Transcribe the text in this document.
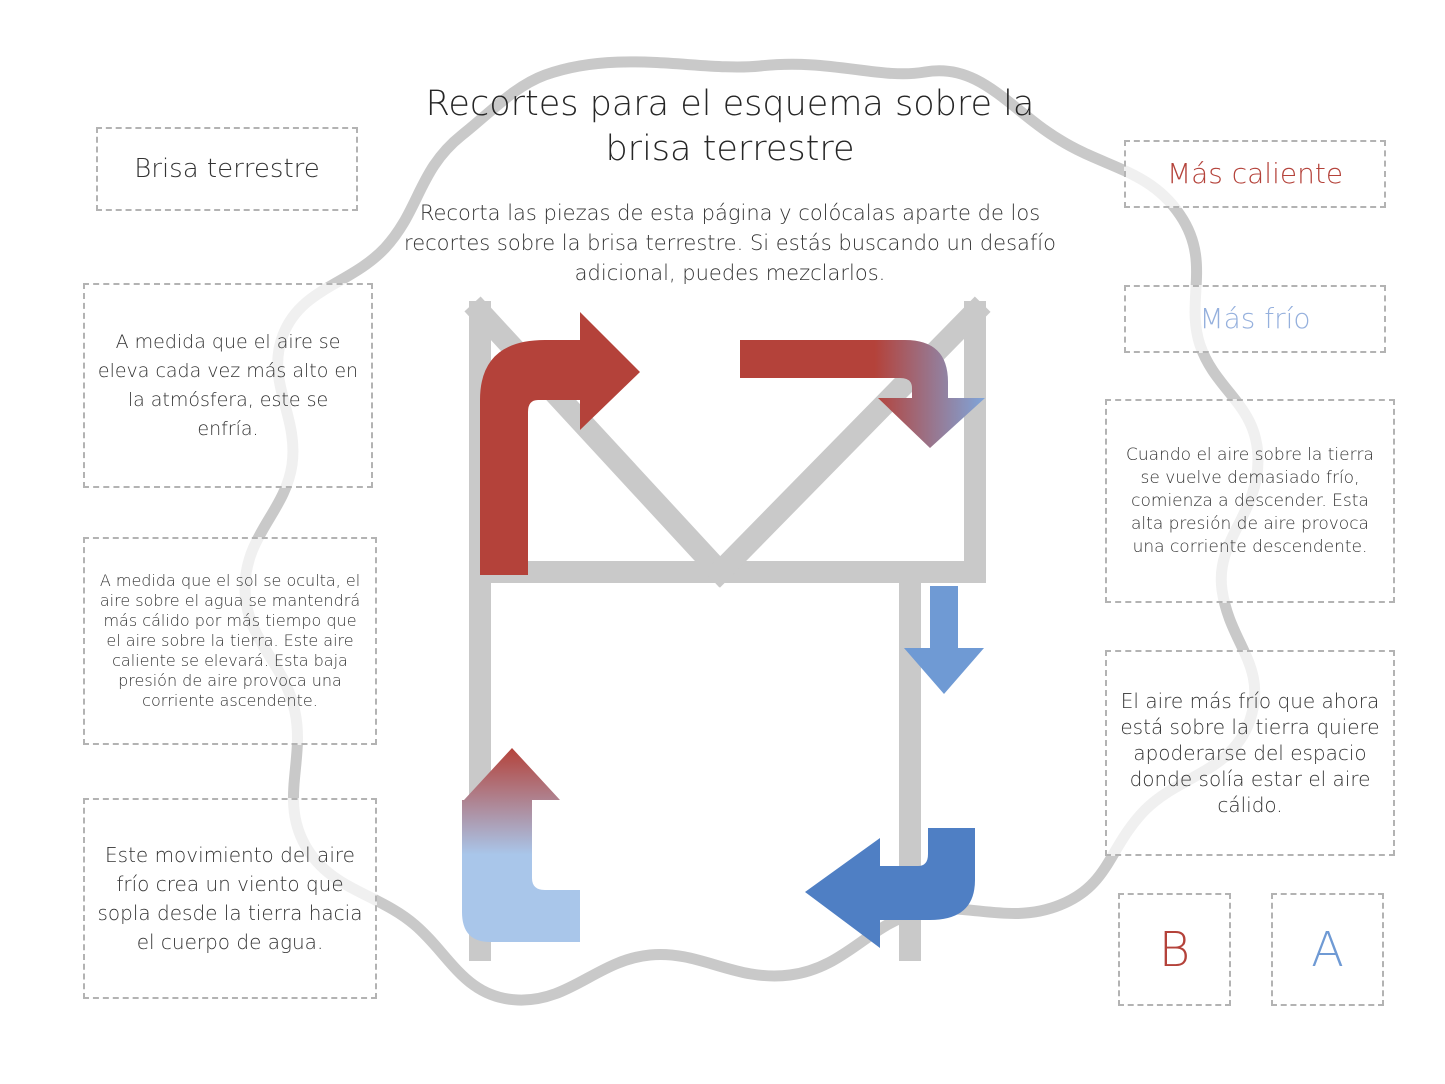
Recortes para el esquema sobre la brisa terrestre
Recorta las piezas de esta página y colócalas aparte de los recortes sobre la brisa terrestre. Si estás buscando un desafío adicional, puedes mezclarlos.
Brisa terrestre
A medida que el aire se eleva cada vez más alto en la atmósfera, este se enfría.
A medida que el sol se oculta, el aire sobre el agua se mantendrá más cálido por más tiempo que el aire sobre la tierra. Este aire caliente se elevará. Esta baja presión de aire provoca una corriente ascendente.
Este movimiento del aire frío crea un viento que sopla desde la tierra hacia el cuerpo de agua.
Más caliente
Más frío
Cuando el aire sobre la tierra se vuelve demasiado frío, comienza a descender. Esta alta presión de aire provoca una corriente descendente.
El aire más frío que ahora está sobre la tierra quiere apoderarse del espacio donde solía estar el aire cálido.
B	A
